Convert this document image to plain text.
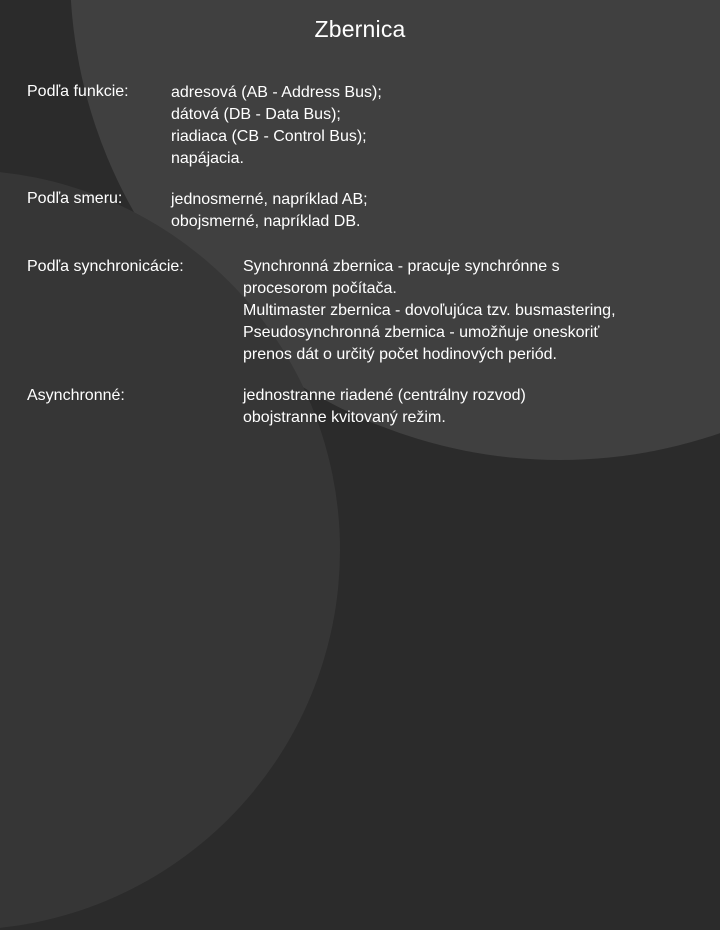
Zbernica
Podľa funkcie:	adresová (AB - Address Bus);
dátová (DB - Data Bus);
riadiaca (CB - Control Bus);
napájacia.
Podľa smeru:	jednosmerné, napríklad AB;
obojsmerné, napríklad DB.
Podľa synchronicácie:	Synchronná zbernica - pracuje synchrónne s
procesorom počítača.
Multimaster zbernica - dovoľujúca tzv. busmastering,
Pseudosynchronná zbernica - umožňuje oneskoriť
prenos dát o určitý počet hodinových periód.
Asynchronné:	jednostranne riadené (centrálny rozvod)
obojstranne kvitovaný režim.
